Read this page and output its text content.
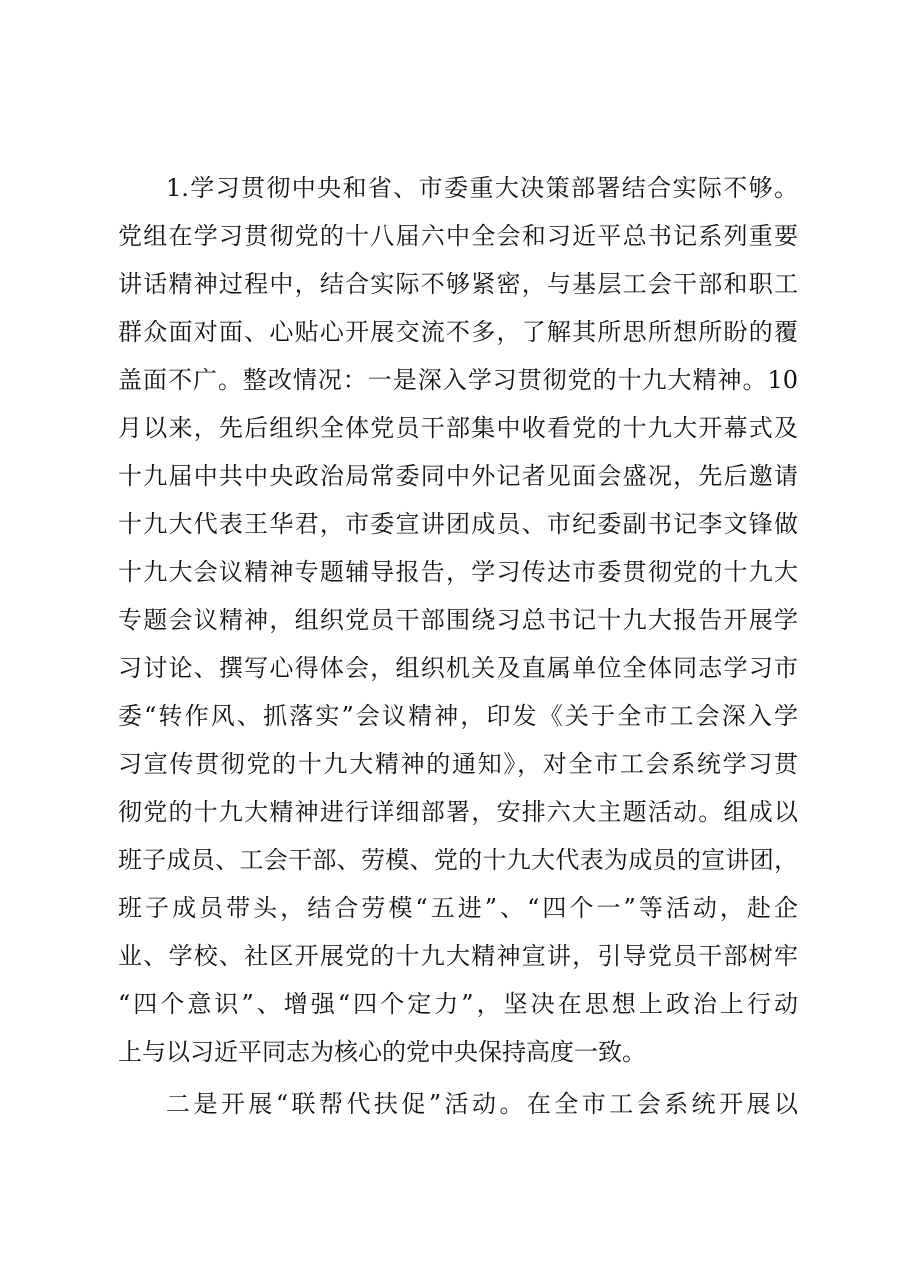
1.学习贯彻中央和省、市委重大决策部署结合实际不够。
党组在学习贯彻党的十八届六中全会和习近平总书记系列重要
讲话精神过程中，结合实际不够紧密，与基层工会干部和职工
群众面对面、心贴心开展交流不多，了解其所思所想所盼的覆
盖面不广。整改情况：一是深入学习贯彻党的十九大精神。10
月以来，先后组织全体党员干部集中收看党的十九大开幕式及
十九届中共中央政治局常委同中外记者见面会盛况，先后邀请
十九大代表王华君，市委宣讲团成员、市纪委副书记李文锋做
十九大会议精神专题辅导报告，学习传达市委贯彻党的十九大
专题会议精神，组织党员干部围绕习总书记十九大报告开展学
习讨论、撰写心得体会，组织机关及直属单位全体同志学习市
委“转作风、抓落实”会议精神，印发《关于全市工会深入学
习宣传贯彻党的十九大精神的通知》，对全市工会系统学习贯
彻党的十九大精神进行详细部署，安排六大主题活动。组成以
班子成员、工会干部、劳模、党的十九大代表为成员的宣讲团，
班子成员带头，结合劳模“五进”、“四个一”等活动，赴企
业、学校、社区开展党的十九大精神宣讲，引导党员干部树牢
“四个意识”、增强“四个定力”，坚决在思想上政治上行动
上与以习近平同志为核心的党中央保持高度一致。
二是开展“联帮代扶促”活动。在全市工会系统开展以
